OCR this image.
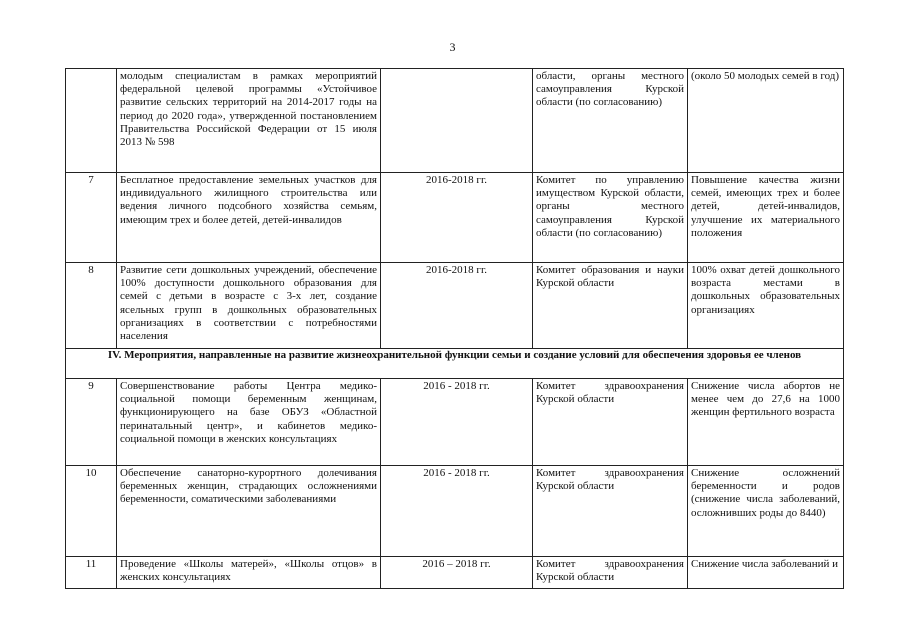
3
	молодым специалистам в рамках мероприятий федеральной целевой программы «Устойчивое развитие сельских территорий на 2014-2017 годы на период до 2020 года», утвержденной постановлением Правительства Российской Федерации от 15 июля 2013 № 598		области, органы местного самоуправления Курской области (по согласованию)	(около 50 молодых семей в год)
7	Бесплатное предоставление земельных участков для индивидуального жилищного строительства или ведения личного подсобного хозяйства семьям, имеющим трех и более детей, детей-инвалидов	2016-2018 гг.	Комитет по управлению имуществом Курской области, органы местного самоуправления Курской области (по согласованию)	Повышение качества жизни семей, имеющих трех и более детей, детей-инвалидов, улучшение их материального положения
8	Развитие сети дошкольных учреждений, обеспечение 100% доступности дошкольного образования для семей с детьми в возрасте с 3-х лет, создание ясельных групп в дошкольных образовательных организациях в соответствии с потребностями населения	2016-2018 гг.	Комитет образования и науки Курской области	100% охват детей дошкольного возраста местами в дошкольных образовательных организациях
IV. Мероприятия, направленные на развитие жизнеохранительной функции семьи и создание условий для обеспечения здоровья ее членов				
9	Совершенствование работы Центра медико-социальной помощи беременным женщинам, функционирующего на базе ОБУЗ «Областной перинатальный центр», и кабинетов медико-социальной помощи в женских консультациях	2016 - 2018 гг.	Комитет здравоохранения Курской области	Снижение числа абортов не менее чем до 27,6 на 1000 женщин фертильного возраста
10	Обеспечение санаторно-курортного долечивания беременных женщин, страдающих осложнениями беременности, соматическими заболеваниями	2016 - 2018 гг.	Комитет здравоохранения Курской области	Снижение осложнений беременности и родов (снижение числа заболеваний, осложнивших роды до 8440)
11	Проведение «Школы матерей», «Школы отцов» в женских консультациях	2016 – 2018 гг.	Комитет здравоохранения Курской области	Снижение числа заболеваний и
